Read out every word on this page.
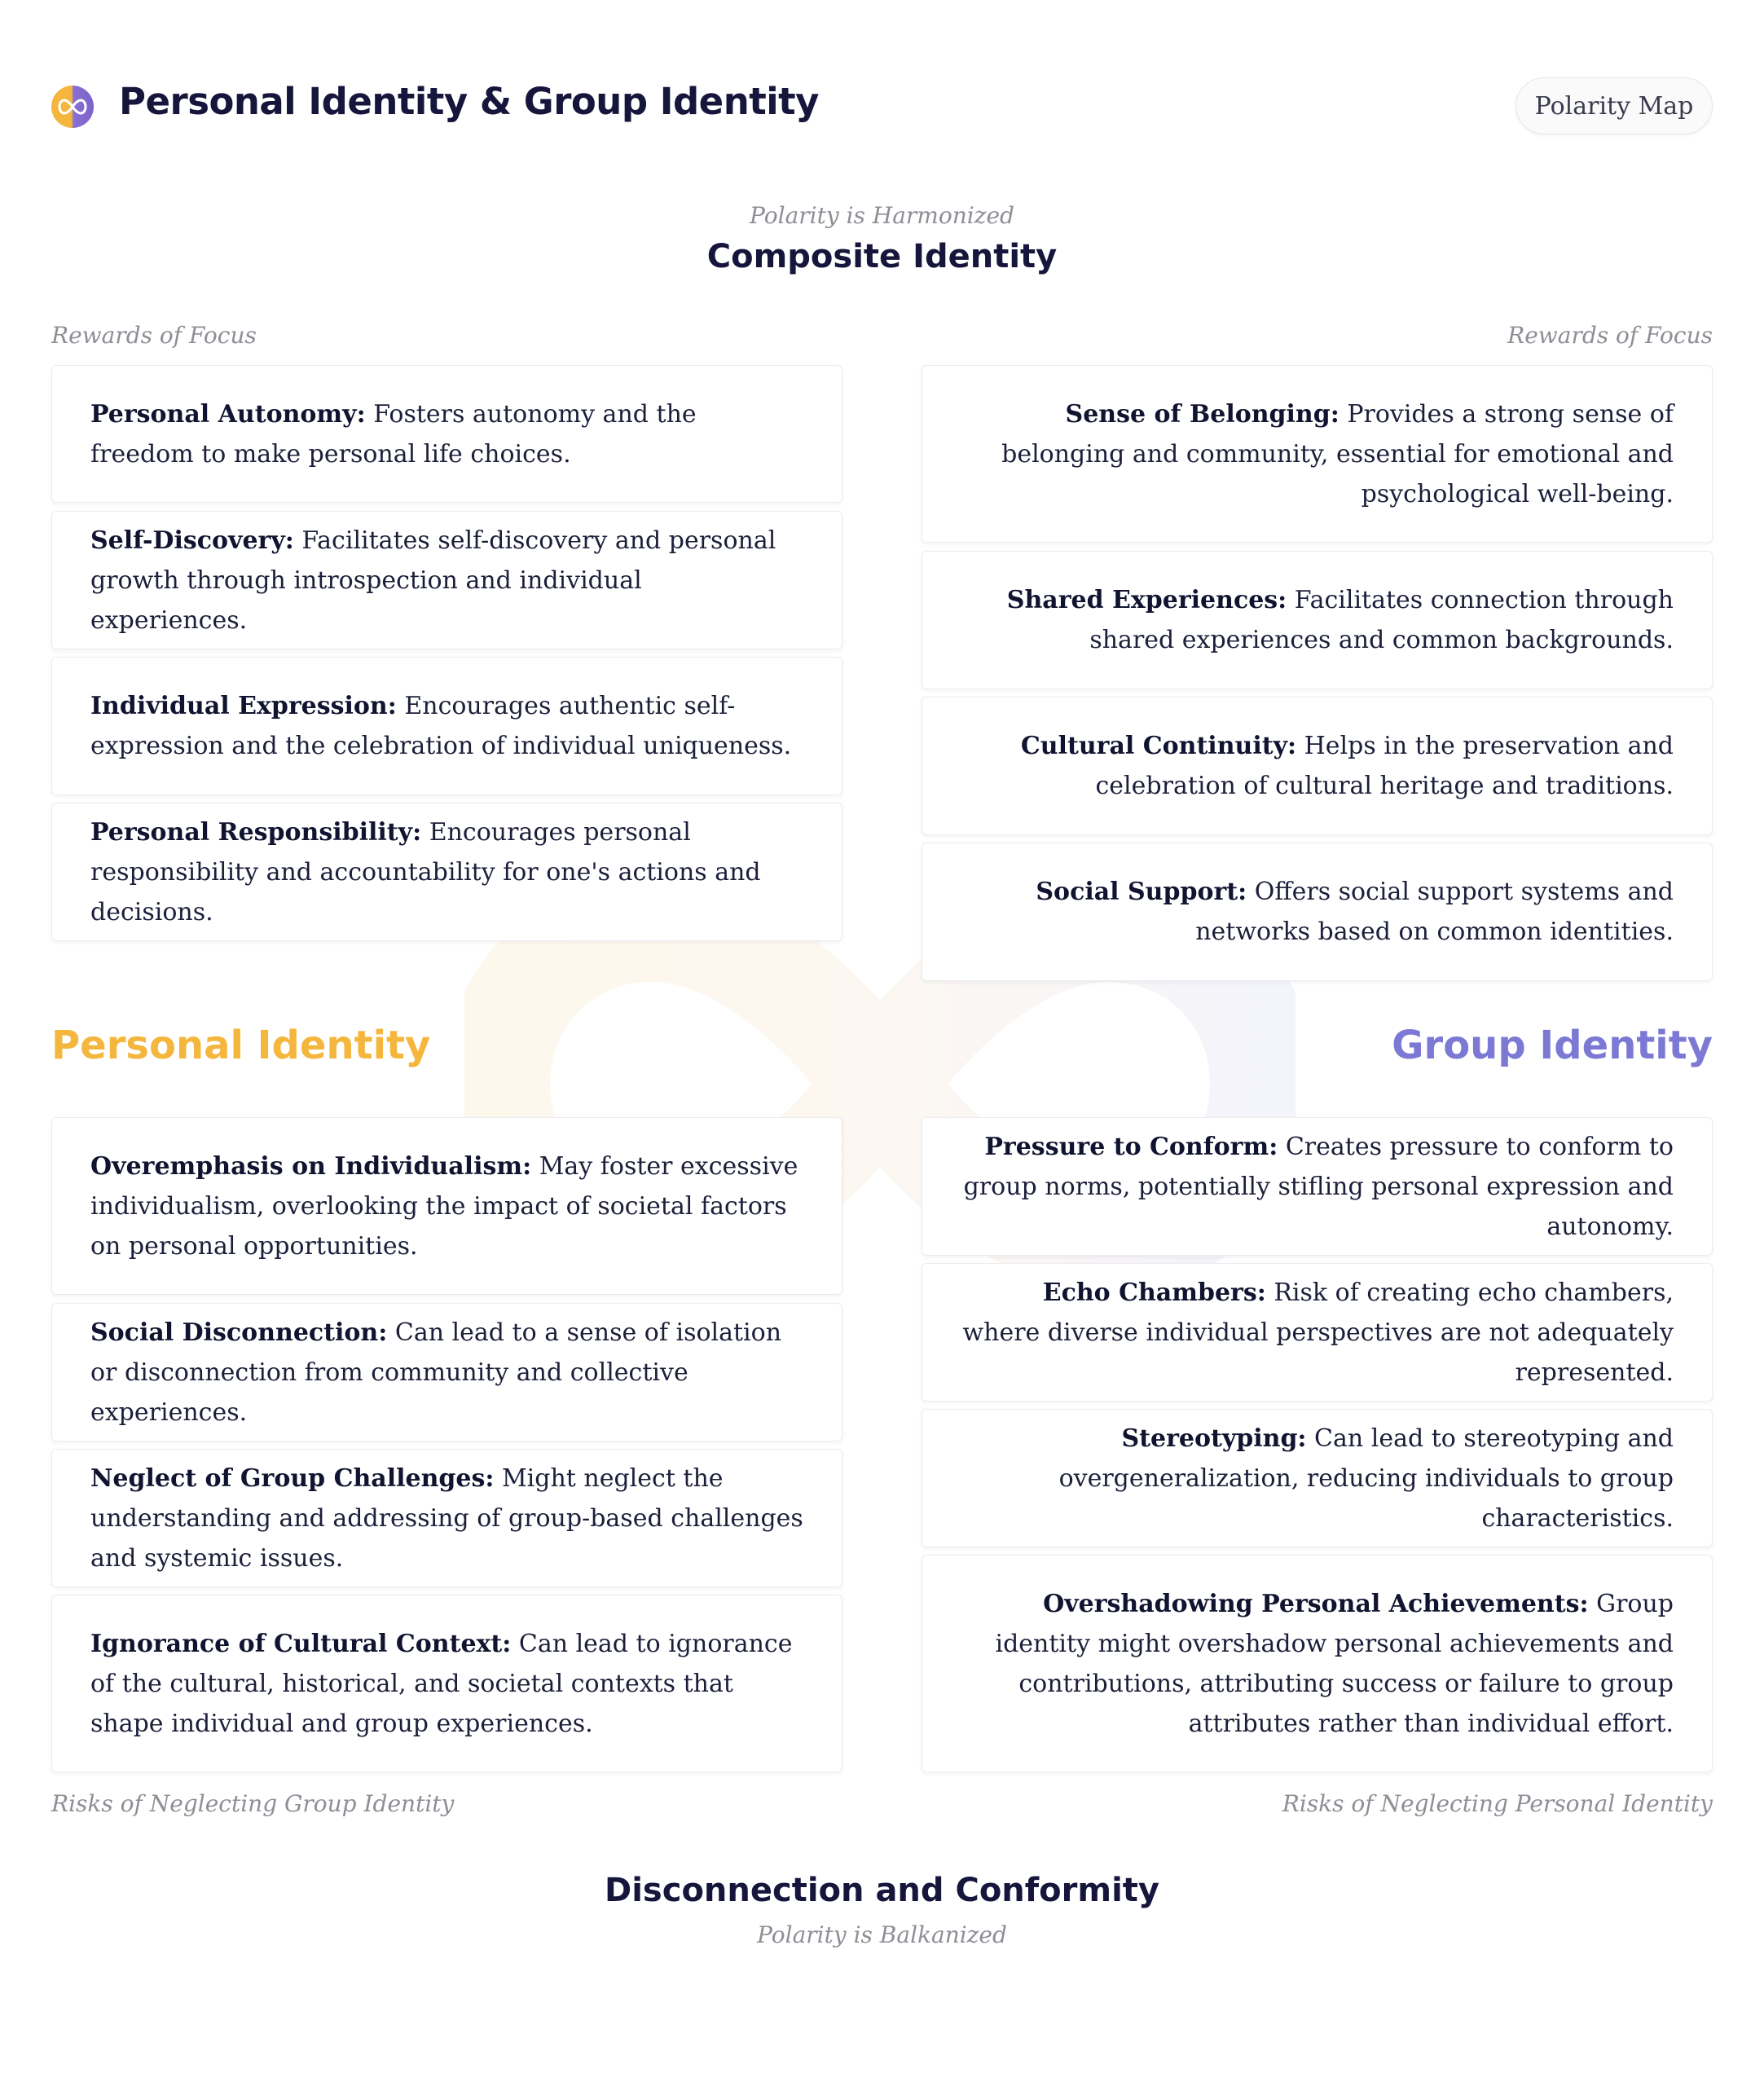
Personal Identity & Group Identity	Polarity Map
Polarity is Harmonized
Composite Identity
Rewards of Focus	Rewards of Focus
Personal Autonomy: Fosters autonomy and the freedom to make personal life choices.
Self-Discovery: Facilitates self-discovery and personal growth through introspection and individual experiences.
Individual Expression: Encourages authentic self-expression and the celebration of individual uniqueness.
Personal Responsibility: Encourages personal responsibility and accountability for one's actions and decisions.
Sense of Belonging: Provides a strong sense of belonging and community, essential for emotional and psychological well-being.
Shared Experiences: Facilitates connection through shared experiences and common backgrounds.
Cultural Continuity: Helps in the preservation and celebration of cultural heritage and traditions.
Social Support: Offers social support systems and networks based on common identities.
Personal Identity	Group Identity
Overemphasis on Individualism: May foster excessive individualism, overlooking the impact of societal factors on personal opportunities.
Social Disconnection: Can lead to a sense of isolation or disconnection from community and collective experiences.
Neglect of Group Challenges: Might neglect the understanding and addressing of group-based challenges and systemic issues.
Ignorance of Cultural Context: Can lead to ignorance of the cultural, historical, and societal contexts that shape individual and group experiences.
Pressure to Conform: Creates pressure to conform to group norms, potentially stifling personal expression and autonomy.
Echo Chambers: Risk of creating echo chambers, where diverse individual perspectives are not adequately represented.
Stereotyping: Can lead to stereotyping and overgeneralization, reducing individuals to group characteristics.
Overshadowing Personal Achievements: Group identity might overshadow personal achievements and contributions, attributing success or failure to group attributes rather than individual effort.
Risks of Neglecting Group Identity	Risks of Neglecting Personal Identity
Disconnection and Conformity
Polarity is Balkanized
